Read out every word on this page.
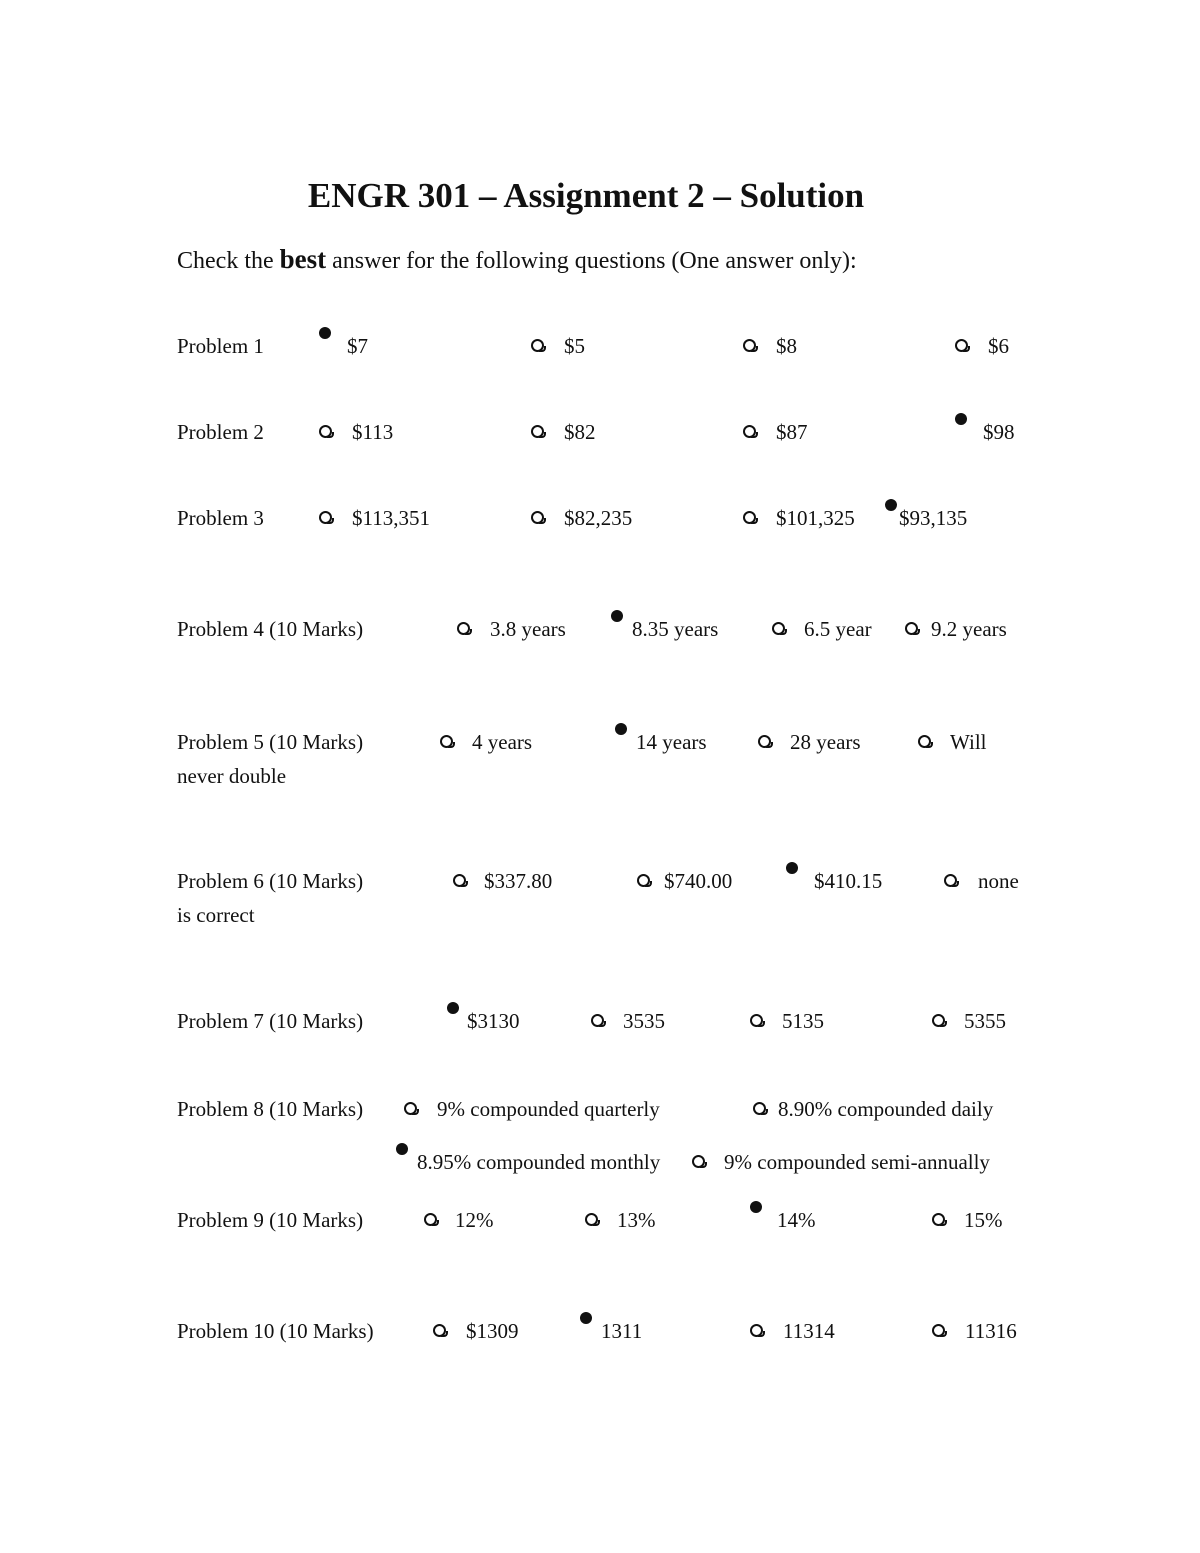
ENGR 301 – Assignment 2 – Solution
Check the best answer for the following questions (One answer only):
Problem 1	$7	$5	$8	$6
Problem 2	$113	$82	$87	$98
Problem 3	$113,351	$82,235	$101,325 $93,135
Problem 4 (10 Marks)	3.8 years	8.35 years	6.5 year	9.2 years
Problem 5 (10 Marks)	4 years	14 years	28 years	Will
never double
Problem 6 (10 Marks)	$337.80	$740.00	$410.15	none
is correct
Problem 7 (10 Marks)	$3130	3535	5135	5355
Problem 8 (10 Marks)	9% compounded quarterly	8.90% compounded daily
8.95% compounded monthly	9% compounded semi-annually
Problem 9 (10 Marks)	12%	13%	14%	15%
Problem 10 (10 Marks)	$1309	1311	11314	11316
